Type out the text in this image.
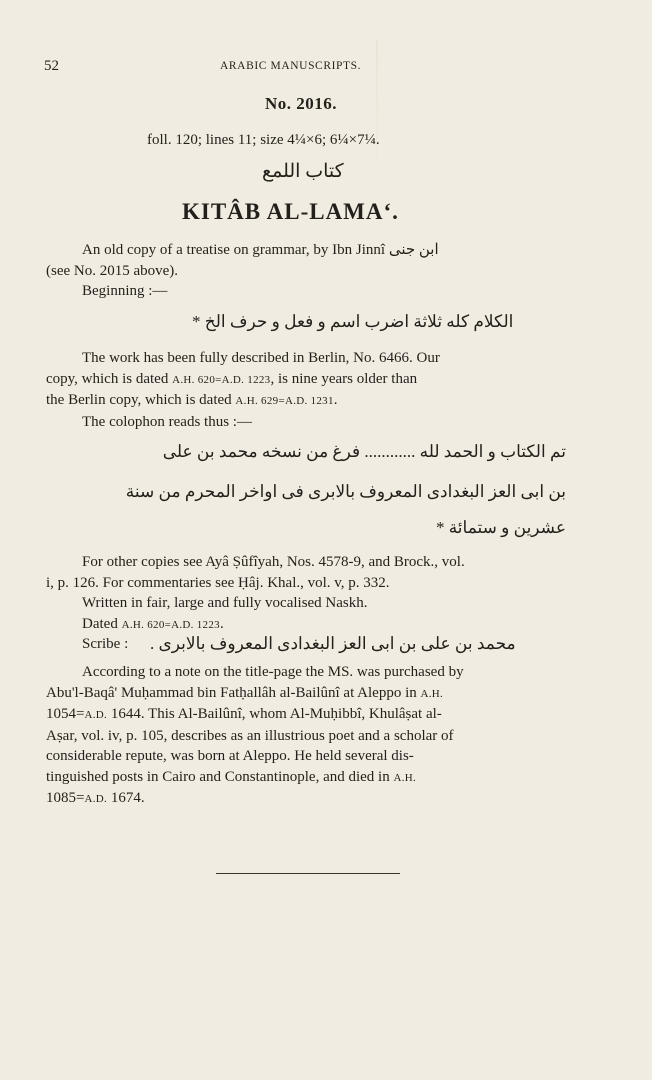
52	ARABIC MANUSCRIPTS.
No. 2016.
foll. 120; lines 11; size 4¼×6; 6¼×7¼.
كتاب اللمع
KITÂB AL-LAMA‘.
An old copy of a treatise on grammar, by Ibn Jinnî ابن جنى
(see No. 2015 above).
Beginning :—
الكلام كله ثلاثة اضرب اسم و فعل و حرف الخ *
The work has been fully described in Berlin, No. 6466. Our
copy, which is dated A.H. 620=A.D. 1223, is nine years older than
the Berlin copy, which is dated A.H. 629=A.D. 1231.
The colophon reads thus :—
تم الكتاب و الحمد لله ............ فرغ من نسخه محمد بن على
بن ابى العز البغدادى المعروف بالابرى فى اواخر المحرم من سنة
عشرين و ستمائة *
For other copies see Ayâ Ṣûfîyah, Nos. 4578-9, and Brock., vol.
i, p. 126. For commentaries see Ḥâj. Khal., vol. v, p. 332.
Written in fair, large and fully vocalised Naskh.
Dated A.H. 620=A.D. 1223.
Scribe : محمد بن على بن ابى العز البغدادى المعروف بالابرى .
According to a note on the title-page the MS. was purchased by
Abu'l-Baqâ' Muḥammad bin Fatḥallâh al-Bailûnî at Aleppo in A.H.
1054=A.D. 1644. This Al-Bailûnî, whom Al-Muḥibbî, Khulâṣat al-
Aṣar, vol. iv, p. 105, describes as an illustrious poet and a scholar of
considerable repute, was born at Aleppo. He held several dis-
tinguished posts in Cairo and Constantinople, and died in A.H.
1085=A.D. 1674.
